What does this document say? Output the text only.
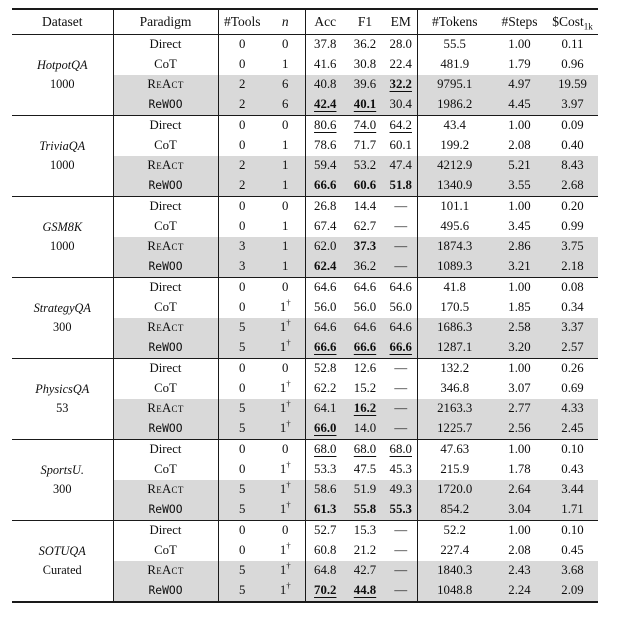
Dataset	Paradigm	#Tools	n	Acc	F1	EM	#Tokens	#Steps	$Cost$_{1k}$

HotpotQA
1000	Direct	0	0	37.8	36.2	28.0	55.5	1.00	0.11
	CoT	0	1	41.6	30.8	22.4	481.9	1.79	0.96
	ReAct	2	6	40.8	39.6	32.2	9795.1	4.97	19.59
	ReWOO	2	6	42.4	40.1	30.4	1986.2	4.45	3.97

TriviaQA
1000	Direct	0	0	80.6	74.0	64.2	43.4	1.00	0.09
	CoT	0	1	78.6	71.7	60.1	199.2	2.08	0.40
	ReAct	2	1	59.4	53.2	47.4	4212.9	5.21	8.43
	ReWOO	2	1	66.6	60.6	51.8	1340.9	3.55	2.68

GSM8K
1000	Direct	0	0	26.8	14.4	—	101.1	1.00	0.20
	CoT	0	1	67.4	62.7	—	495.6	3.45	0.99
	ReAct	3	1	62.0	37.3	—	1874.3	2.86	3.75
	ReWOO	3	1	62.4	36.2	—	1089.3	3.21	2.18

StrategyQA
300	Direct	0	0	64.6	64.6	64.6	41.8	1.00	0.08
	CoT	0	1†	56.0	56.0	56.0	170.5	1.85	0.34
	ReAct	5	1†	64.6	64.6	64.6	1686.3	2.58	3.37
	ReWOO	5	1†	66.6	66.6	66.6	1287.1	3.20	2.57

PhysicsQA
53	Direct	0	0	52.8	12.6	—	132.2	1.00	0.26
	CoT	0	1†	62.2	15.2	—	346.8	3.07	0.69
	ReAct	5	1†	64.1	16.2	—	2163.3	2.77	4.33
	ReWOO	5	1†	66.0	14.0	—	1225.7	2.56	2.45

SportsU.
300	Direct	0	0	68.0	68.0	68.0	47.63	1.00	0.10
	CoT	0	1†	53.3	47.5	45.3	215.9	1.78	0.43
	ReAct	5	1†	58.6	51.9	49.3	1720.0	2.64	3.44
	ReWOO	5	1†	61.3	55.8	55.3	854.2	3.04	1.71

SOTUQA
Curated	Direct	0	0	52.7	15.3	—	52.2	1.00	0.10
	CoT	0	1†	60.8	21.2	—	227.4	2.08	0.45
	ReAct	5	1†	64.8	42.7	—	1840.3	2.43	3.68
	ReWOO	5	1†	70.2	44.8	—	1048.8	2.24	2.09
